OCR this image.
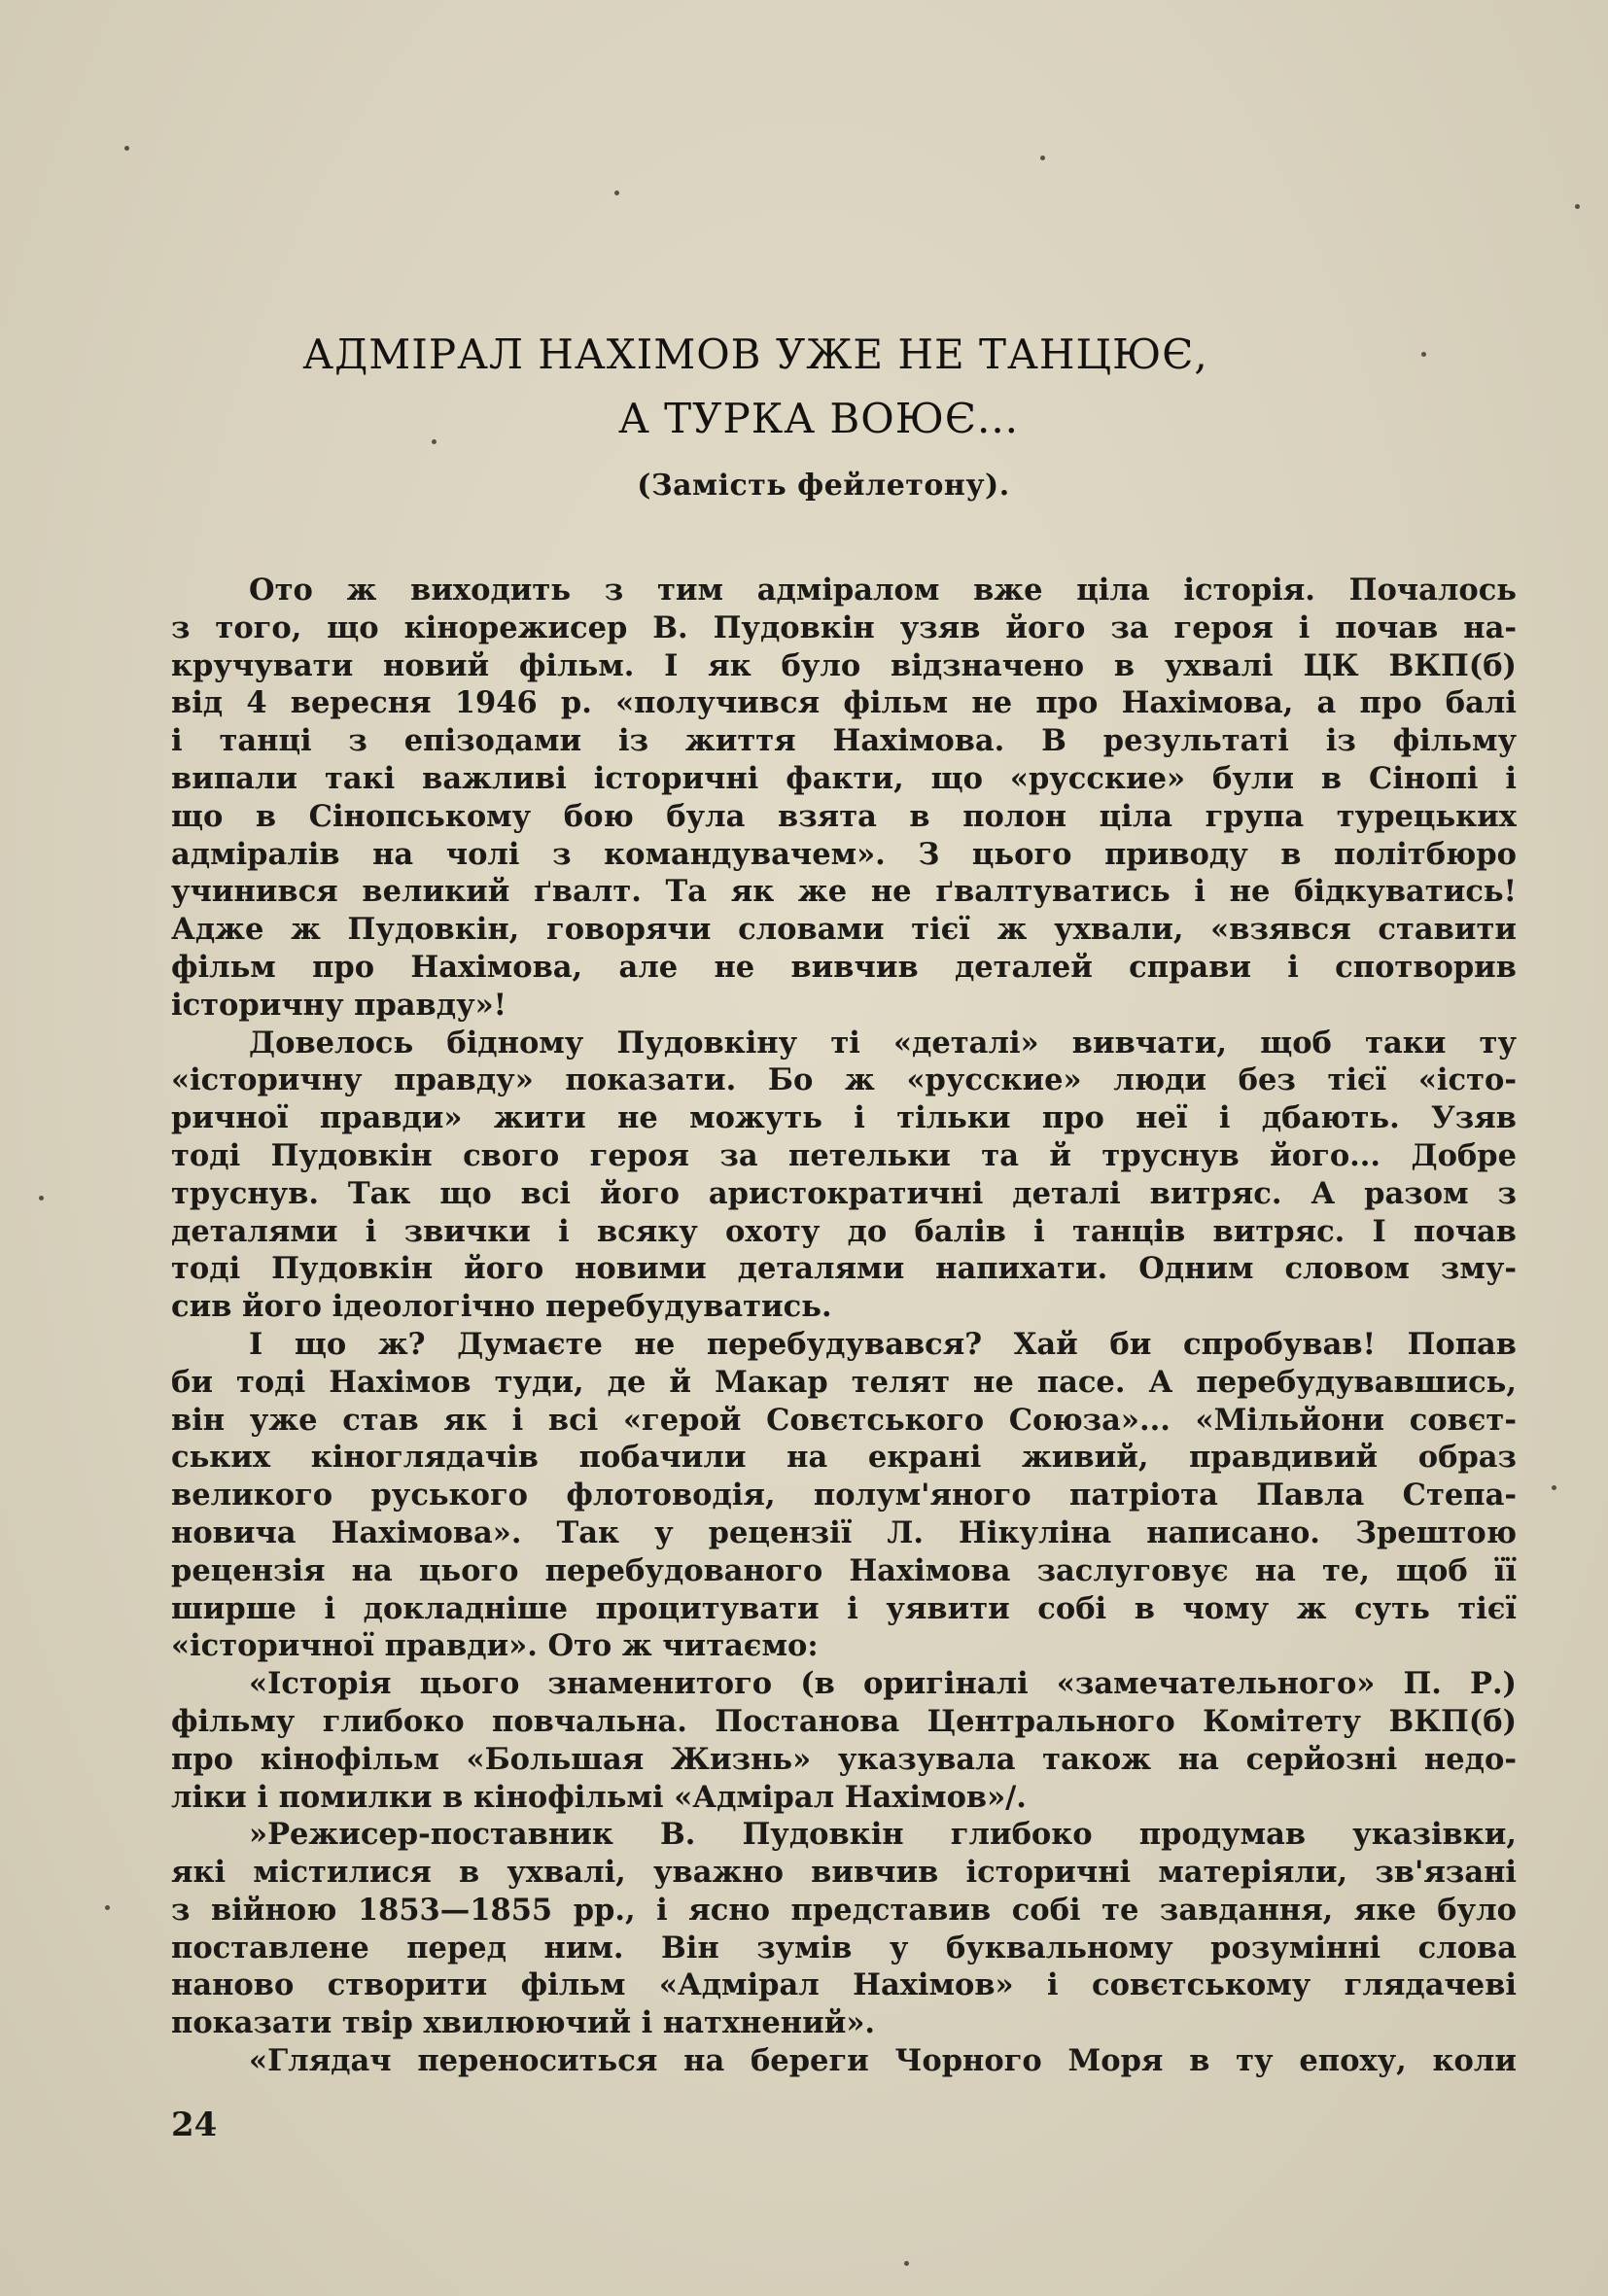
АДМІРАЛ НАХІМОВ УЖЕ НЕ ТАНЦЮЄ,
А ТУРКА ВОЮЄ...
(Замість фейлетону).
Ото ж виходить з тим адміралом вже ціла історія. Почалось
з того, що кінорежисер В. Пудовкін узяв його за героя і почав на-
кручувати новий фільм. І як було відзначено в ухвалі ЦК ВКП(б)
від 4 вересня 1946 р. «получився фільм не про Нахімова, а про балі
і танці з епізодами із життя Нахімова. В результаті із фільму
випали такі важливі історичні факти, що «русские» були в Сінопі і
що в Сінопському бою була взята в полон ціла група турецьких
адміралів на чолі з командувачем». З цього приводу в політбюро
учинився великий ґвалт. Та як же не ґвалтуватись і не бідкуватись!
Адже ж Пудовкін, говорячи словами тієї ж ухвали, «взявся ставити
фільм про Нахімова, але не вивчив деталей справи і спотворив
історичну правду»!
Довелось бідному Пудовкіну ті «деталі» вивчати, щоб таки ту
«історичну правду» показати. Бо ж «русские» люди без тієї «істо-
ричної правди» жити не можуть і тільки про неї і дбають. Узяв
тоді Пудовкін свого героя за петельки та й труснув його... Добре
труснув. Так що всі його аристократичні деталі витряс. А разом з
деталями і звички і всяку охоту до балів і танців витряс. І почав
тоді Пудовкін його новими деталями напихати. Одним словом зму-
сив його ідеологічно перебудуватись.
І що ж? Думаєте не перебудувався? Хай би спробував! Попав
би тоді Нахімов туди, де й Макар телят не пасе. А перебудувавшись,
він уже став як і всі «герой Совєтського Союза»... «Мільйони совєт-
ських кіноглядачів побачили на екрані живий, правдивий образ
великого руського флотоводія, полум'яного патріота Павла Степа-
новича Нахімова». Так у рецензії Л. Нікуліна написано. Зрештою
рецензія на цього перебудованого Нахімова заслуговує на те, щоб її
ширше і докладніше процитувати і уявити собі в чому ж суть тієї
«історичної правди». Ото ж читаємо:
«Історія цього знаменитого (в оригіналі «замечательного» П. Р.)
фільму глибоко повчальна. Постанова Центрального Комітету ВКП(б)
про кінофільм «Большая Жизнь» указувала також на серйозні недо-
ліки і помилки в кінофільмі «Адмірал Нахімов»/.
»Режисер-поставник В. Пудовкін глибоко продумав указівки,
які містилися в ухвалі, уважно вивчив історичні матеріяли, зв'язані
з війною 1853—1855 рр., і ясно представив собі те завдання, яке було
поставлене перед ним. Він зумів у буквальному розумінні слова
наново створити фільм «Адмірал Нахімов» і совєтському глядачеві
показати твір хвилюючий і натхнений».
«Глядач переноситься на береги Чорного Моря в ту епоху, коли
24
